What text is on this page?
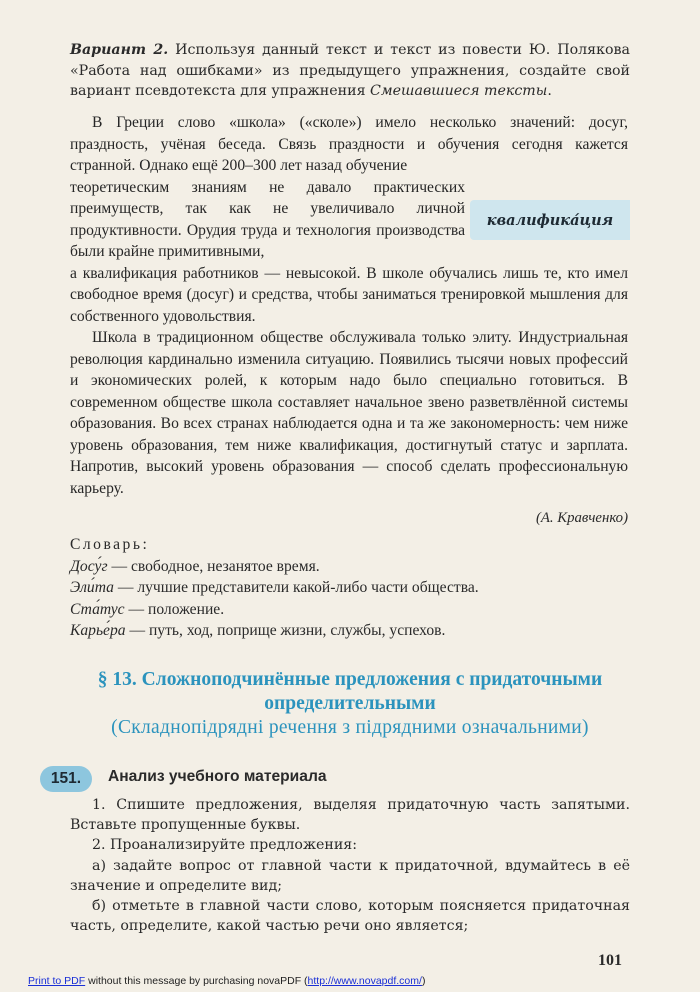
Вариант 2. Используя данный текст и текст из повести Ю. Полякова «Работа над ошибками» из предыдущего упражнения, создайте свой вариант псевдотекста для упражнения Смешавшиеся тексты.

В Греции слово «школа» («сколе») имело несколько значений: досуг, праздность, учёная беседа. Связь праздности и обучения сегодня кажется странной. Однако ещё 200–300 лет назад обучение

теоретическим знаниям не давало практических преимуществ, так как не увеличивало личной продуктивности. Орудия труда и технология производства были крайне примитивными,

а квалификация работников — невысокой. В школе обучались лишь те, кто имел свободное время (досуг) и средства, чтобы заниматься тренировкой мышления для собственного удовольствия.

Школа в традиционном обществе обслуживала только элиту. Индустриальная революция кардинально изменила ситуацию. Появились тысячи новых профессий и экономических ролей, к которым надо было специально готовиться. В современном обществе школа составляет начальное звено разветвлённой системы образования. Во всех странах наблюдается одна и та же закономерность: чем ниже уровень образования, тем ниже квалификация, достигнутый статус и зарплата. Напротив, высокий уровень образования — способ сделать профессиональную карьеру.

квалифика́ция
(А. Кравченко)
Словарь:
Досу́г — свободное, незанятое время.
Эли́та — лучшие представители какой-либо части общества.
Ста́тус — положение.
Карье́ра — путь, ход, поприще жизни, службы, успехов.
§ 13. Сложноподчинённые предложения с придаточными
определительными
(Складнопідрядні речення з підрядними означальними)
151.	Анализ учебного материала

1. Спишите предложения, выделяя придаточную часть запятыми. Вставьте пропущенные буквы.

2. Проанализируйте предложения:

а) задайте вопрос от главной части к придаточной, вдумайтесь в её значение и определите вид;

б) отметьте в главной части слово, которым поясняется придаточная часть, определите, какой частью речи оно является;

101
Print to PDF without this message by purchasing novaPDF (http://www.novapdf.com/)
